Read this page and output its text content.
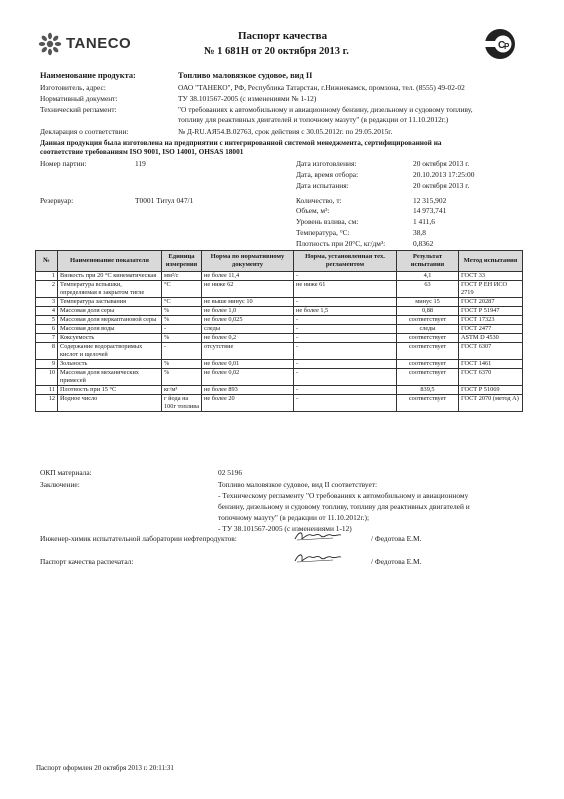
TANECO	Паспорт качества
№ 1 681Н от 20 октября 2013 г.
С
Р
Наименование продукта:	Топливо маловязкое судовое, вид II
Изготовитель, адрес:	ОАО "ТАНЕКО", РФ, Республика Татарстан, г.Нижнекамск, промзона, тел. (8555) 49-02-02
Нормативный документ:	ТУ 38.101567-2005 (с изменениями № 1-12)
Технический регламент:	"О требованиях к автомобильному и авиационному бензину, дизельному и судовому топливу,
топливу для реактивных двигателей и топочному мазуту" (в редакции от 11.10.2012г.)
Декларация о соответствии:	№ Д-RU.АЯ54.В.02763, срок действия с 30.05.2012г. по 29.05.2015г.
Данная продукция была изготовлена на предприятии с интегрированной системой менеджмента, сертифицированной на
соответствие требованиям ISO 9001, ISO 14001, OHSAS 18001
Номер партии:	119
Резервуар:	Т0001 Титул 047/1
Дата изготовления:	20 октября 2013 г.
Дата, время отбора:	20.10.2013 17:25:00
Дата испытания:	20 октября 2013 г.
Количество, т:	12 315,902
Объем, м³:	14 973,741
Уровень взлива, см:	1 411,6
Температура, °С:	38,8
Плотность при 20°С, кг/дм³:	0,8362
№	Наименование показателя	Единица измерения	Норма по нормативному документу	Норма, установленная тех. регламентом	Результат испытания	Метод испытания
1	Вязкость при 20 °С кинематическая	мм²/с	не более 11,4	-	4,1	ГОСТ 33
2	Температура вспышки, определяемая в закрытом тигле	°С	не ниже 62	не ниже 61	63	ГОСТ Р ЕН ИСО 2719
3	Температура застывания	°С	не выше минус 10	-	минус 15	ГОСТ 20287
4	Массовая доля серы	%	не более 1,0	не более 1,5	0,88	ГОСТ Р 51947
5	Массовая доля меркаптановой серы	%	не более 0,025	-	соответствует	ГОСТ 17323
6	Массовая доля воды	-	следы	-	следы	ГОСТ 2477
7	Коксуемость	%	не более 0,2	-	соответствует	ASTM D 4530
8	Содержание водорастворимых кислот и щелочей	-	отсутствие	-	соответствует	ГОСТ 6307
9	Зольность	%	не более 0,01	-	соответствует	ГОСТ 1461
10	Массовая доля механических примесей	%	не более 0,02	-	соответствует	ГОСТ 6370
11	Плотность при 15 °С	кг/м³	не более 893	-	839,5	ГОСТ Р 51069
12	Йодное число	г йода на 100г топлива	не более 20	-	соответствует	ГОСТ 2070 (метод А)
ОКП материала:	02 5196
Заключение:	Топливо маловязкое судовое, вид II соответствует:
- Техническому регламенту "О требованиях к автомобильному и авиационному
бензину, дизельному и судовому топливу, топливу для реактивных двигателей и
топочному мазуту" (в редакции от 11.10.2012г.);
- ТУ 38.101567-2005 (с изменениями 1-12)
Инженер-химик испытательной лаборатории нефтепродуктов:	/ Федотова Е.М.
Паспорт качества распечатал:	/ Федотова Е.М.
Паспорт оформлен 20 октября 2013 г. 20:11:31
